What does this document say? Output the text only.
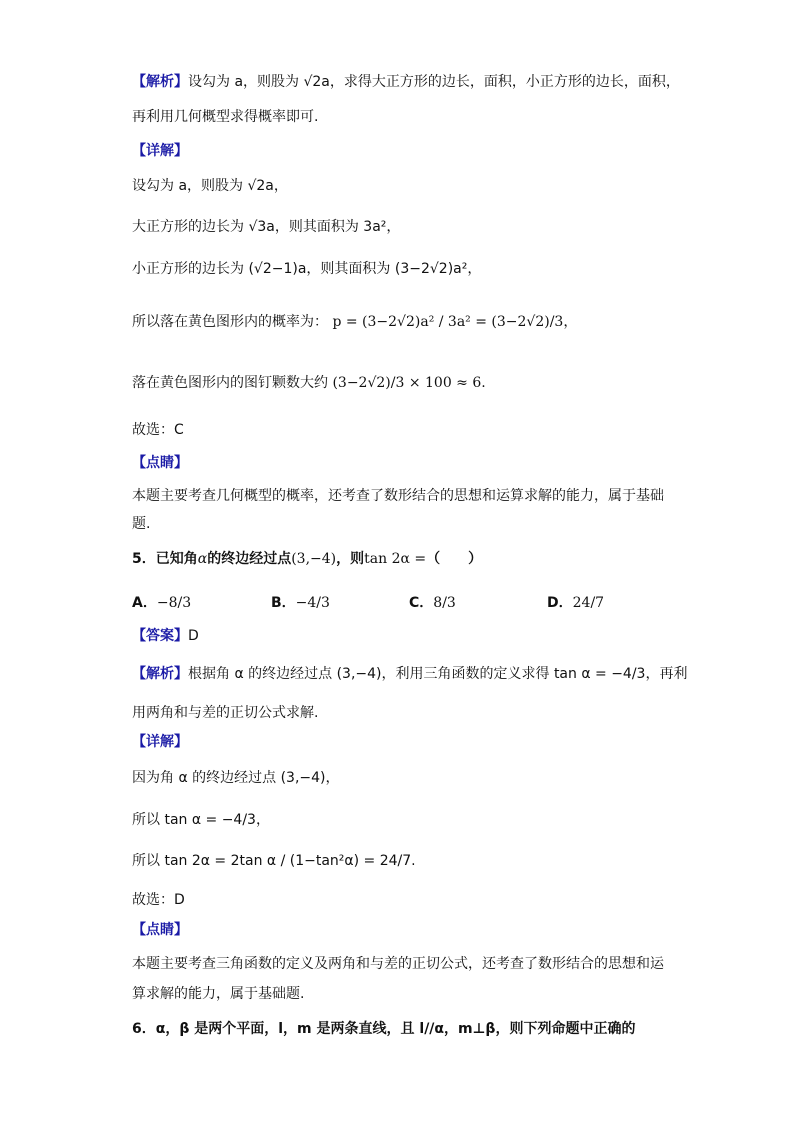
【解析】设勾为 a，则股为 √2a，求得大正方形的边长，面积，小正方形的边长，面积，
再利用几何概型求得概率即可.
【详解】
设勾为 a，则股为 √2a，
大正方形的边长为 √3a，则其面积为 3a²，
小正方形的边长为 (√2−1)a，则其面积为 (3−2√2)a²，
所以落在黄色图形内的概率为： p = (3−2√2)a² / 3a² = (3−2√2)/3，
落在黄色图形内的图钉颗数大约 (3−2√2)/3 × 100 ≈ 6.
故选：C
【点睛】
本题主要考查几何概型的概率，还考查了数形结合的思想和运算求解的能力，属于基础
题.
5．已知角α的终边经过点(3,−4)，则tan 2α =（　　）
A．−8/3	B．−4/3	C．8/3	D．24/7
【答案】D
【解析】根据角 α 的终边经过点 (3,−4)，利用三角函数的定义求得 tan α = −4/3，再利
用两角和与差的正切公式求解.
【详解】
因为角 α 的终边经过点 (3,−4)，
所以 tan α = −4/3，
所以 tan 2α = 2tan α / (1−tan²α) = 24/7.
故选：D
【点睛】
本题主要考查三角函数的定义及两角和与差的正切公式，还考查了数形结合的思想和运
算求解的能力，属于基础题.
6．α，β 是两个平面，l，m 是两条直线，且 l//α，m⊥β，则下列命题中正确的
